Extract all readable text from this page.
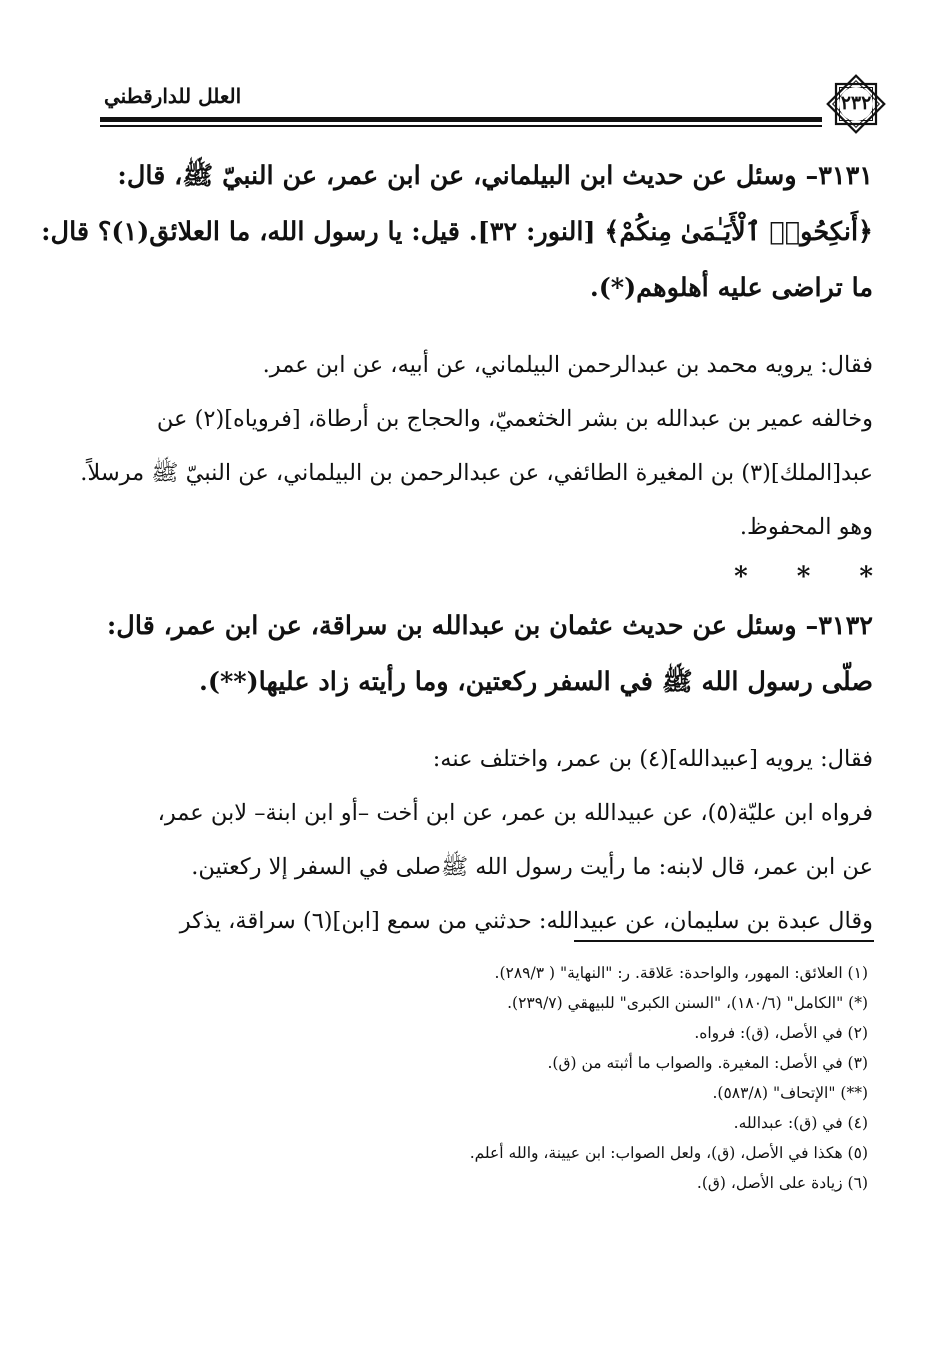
العلل للدارقطني	٢٣٢
٣١٣١– وسئل عن حديث ابن البيلماني، عن ابن عمر، عن النبيّ ﷺ، قال:
﴿أَنكِحُوا۟ ٱلْأَيَـٰمَىٰ مِنكُمْ﴾ [النور: ٣٢]. قيل: يا رسول الله، ما العلائق(١)؟ قال:
ما تراضى عليه أهلوهم(*).
فقال: يرويه محمد بن عبدالرحمن البيلماني، عن أبيه، عن ابن عمر.
وخالفه عمير بن عبدالله بن بشر الخثعميّ، والحجاج بن أرطاة، [فروياه](٢) عن
عبد[الملك](٣) بن المغيرة الطائفي، عن عبدالرحمن بن البيلماني، عن النبيّ ﷺ مرسلاً.
وهو المحفوظ.
* * *
٣١٣٢– وسئل عن حديث عثمان بن عبدالله بن سراقة، عن ابن عمر، قال:
صلّى رسول الله ﷺ في السفر ركعتين، وما رأيته زاد عليها(**).
فقال: يرويه [عبيدالله](٤) بن عمر، واختلف عنه:
فرواه ابن عليّة(٥)، عن عبيدالله بن عمر، عن ابن أخت –أو ابن ابنة– لابن عمر،
عن ابن عمر، قال لابنه: ما رأيت رسول الله ﷺصلى في السفر إلا ركعتين.
وقال عبدة بن سليمان، عن عبيدالله: حدثني من سمع [ابن](٦) سراقة، يذكر
(١) العلائق: المهور، والواحدة: عَلاقة. ر: "النهاية" ( ٢٨٩/٣).
(*) "الكامل" (١٨٠/٦)، "السنن الكبرى" للبيهقي (٢٣٩/٧).
(٢) في الأصل، (ق): فرواه.
(٣) في الأصل: المغيرة. والصواب ما أثبته من (ق).
(**) "الإتحاف" (٥٨٣/٨).
(٤) في (ق): عبدالله.
(٥) هكذا في الأصل، (ق)، ولعل الصواب: ابن عيينة، والله أعلم.
(٦) زيادة على الأصل، (ق).
